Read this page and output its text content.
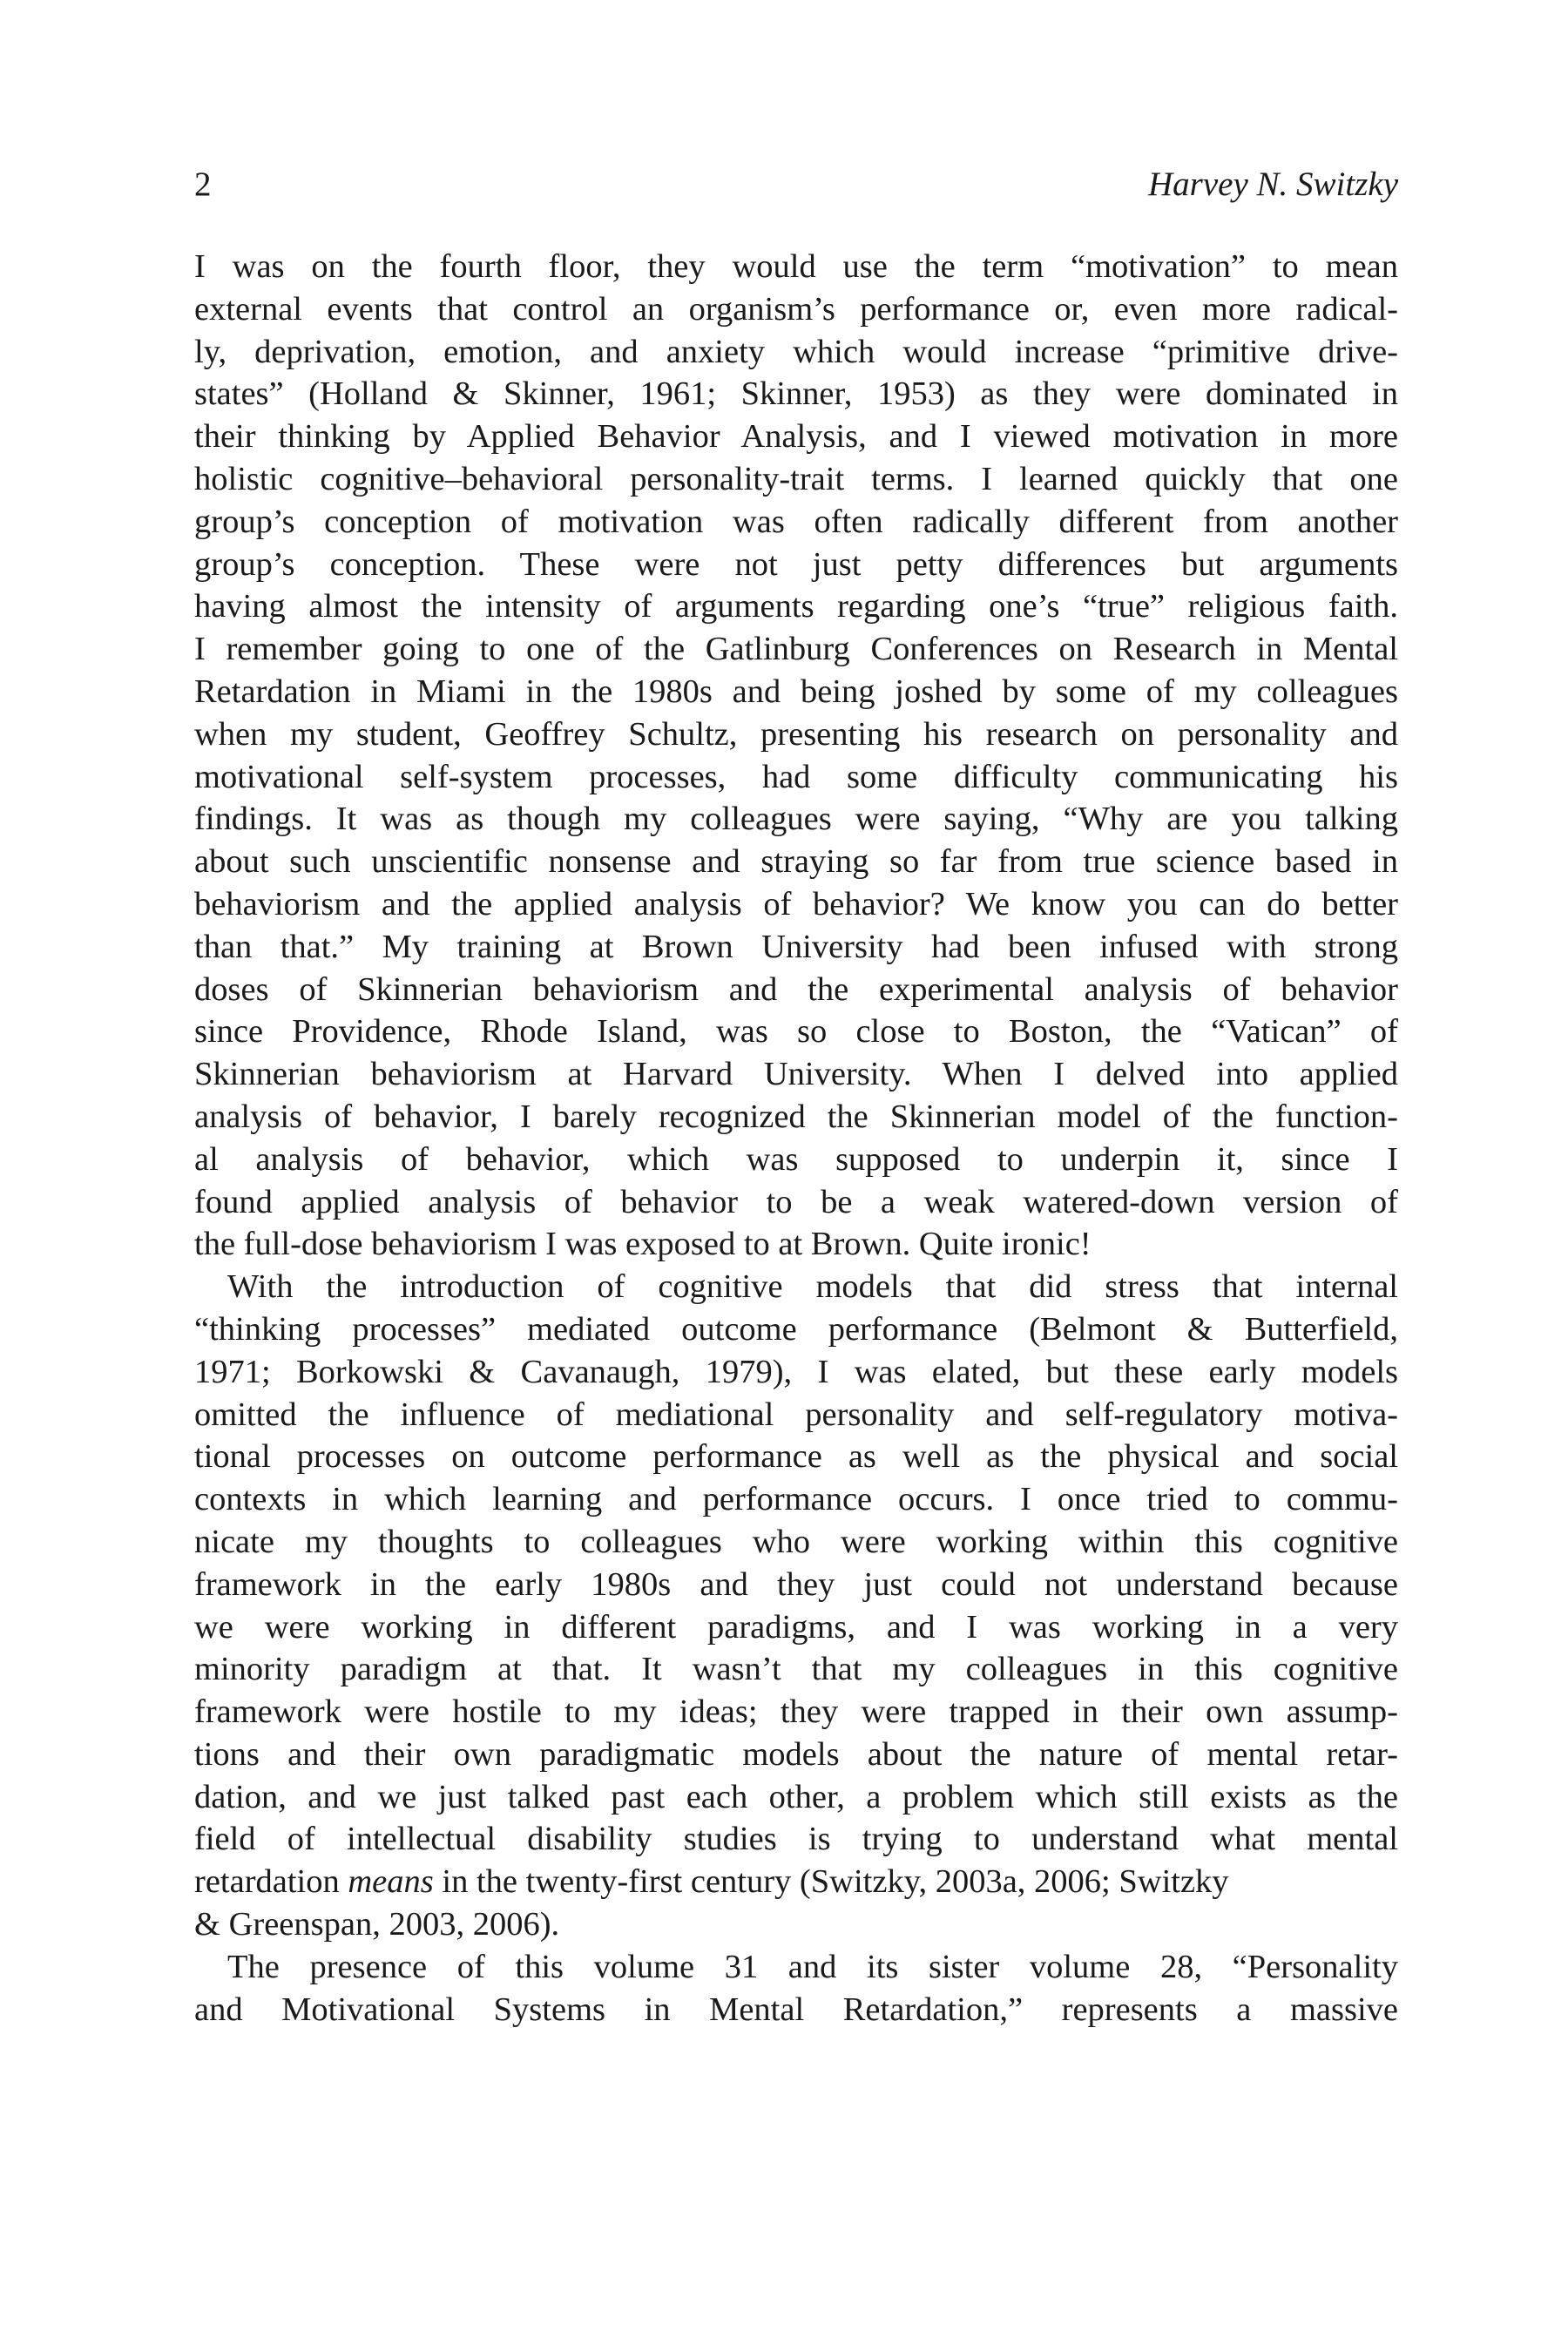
2	Harvey N. Switzky
I was on the fourth floor, they would use the term “motivation” to mean
external events that control an organism’s performance or, even more radical-
ly, deprivation, emotion, and anxiety which would increase “primitive drive-
states” (Holland & Skinner, 1961; Skinner, 1953) as they were dominated in
their thinking by Applied Behavior Analysis, and I viewed motivation in more
holistic cognitive–behavioral personality-trait terms. I learned quickly that one
group’s conception of motivation was often radically different from another
group’s conception. These were not just petty differences but arguments
having almost the intensity of arguments regarding one’s “true” religious faith.
I remember going to one of the Gatlinburg Conferences on Research in Mental
Retardation in Miami in the 1980s and being joshed by some of my colleagues
when my student, Geoffrey Schultz, presenting his research on personality and
motivational self-system processes, had some difficulty communicating his
findings. It was as though my colleagues were saying, “Why are you talking
about such unscientific nonsense and straying so far from true science based in
behaviorism and the applied analysis of behavior? We know you can do better
than that.” My training at Brown University had been infused with strong
doses of Skinnerian behaviorism and the experimental analysis of behavior
since Providence, Rhode Island, was so close to Boston, the “Vatican” of
Skinnerian behaviorism at Harvard University. When I delved into applied
analysis of behavior, I barely recognized the Skinnerian model of the function-
al analysis of behavior, which was supposed to underpin it, since I
found applied analysis of behavior to be a weak watered-down version of
the full-dose behaviorism I was exposed to at Brown. Quite ironic!
With the introduction of cognitive models that did stress that internal
“thinking processes” mediated outcome performance (Belmont & Butterfield,
1971; Borkowski & Cavanaugh, 1979), I was elated, but these early models
omitted the influence of mediational personality and self-regulatory motiva-
tional processes on outcome performance as well as the physical and social
contexts in which learning and performance occurs. I once tried to commu-
nicate my thoughts to colleagues who were working within this cognitive
framework in the early 1980s and they just could not understand because
we were working in different paradigms, and I was working in a very
minority paradigm at that. It wasn’t that my colleagues in this cognitive
framework were hostile to my ideas; they were trapped in their own assump-
tions and their own paradigmatic models about the nature of mental retar-
dation, and we just talked past each other, a problem which still exists as the
field of intellectual disability studies is trying to understand what mental
retardation means in the twenty-first century (Switzky, 2003a, 2006; Switzky
& Greenspan, 2003, 2006).
The presence of this volume 31 and its sister volume 28, “Personality
and Motivational Systems in Mental Retardation,” represents a massive
